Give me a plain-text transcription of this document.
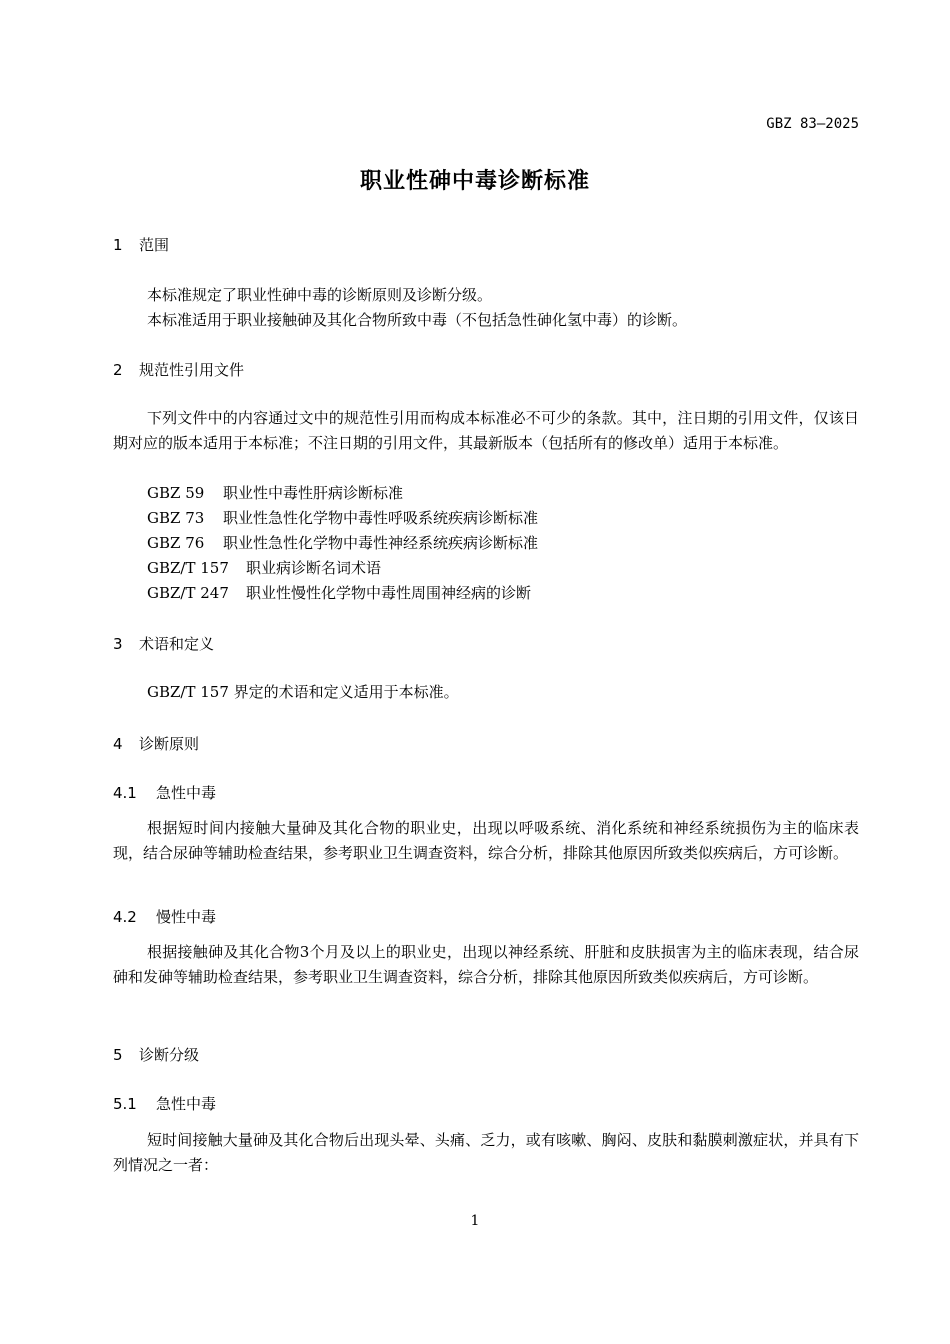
GBZ 83—2025
职业性砷中毒诊断标准
1 范围

本标准规定了职业性砷中毒的诊断原则及诊断分级。

本标准适用于职业接触砷及其化合物所致中毒（不包括急性砷化氢中毒）的诊断。

2 规范性引用文件

下列文件中的内容通过文中的规范性引用而构成本标准必不可少的条款。其中，注日期的引用文件，仅该日期对应的版本适用于本标准；不注日期的引用文件，其最新版本（包括所有的修改单）适用于本标准。

GBZ 59 职业性中毒性肝病诊断标准
GBZ 73 职业性急性化学物中毒性呼吸系统疾病诊断标准
GBZ 76 职业性急性化学物中毒性神经系统疾病诊断标准
GBZ/T 157 职业病诊断名词术语
GBZ/T 247 职业性慢性化学物中毒性周围神经病的诊断
3 术语和定义

GBZ/T 157 界定的术语和定义适用于本标准。

4 诊断原则
4.1 急性中毒

根据短时间内接触大量砷及其化合物的职业史，出现以呼吸系统、消化系统和神经系统损伤为主的临床表现，结合尿砷等辅助检查结果，参考职业卫生调查资料，综合分析，排除其他原因所致类似疾病后，方可诊断。

4.2 慢性中毒

根据接触砷及其化合物3个月及以上的职业史，出现以神经系统、肝脏和皮肤损害为主的临床表现，结合尿砷和发砷等辅助检查结果，参考职业卫生调查资料，综合分析，排除其他原因所致类似疾病后，方可诊断。

5 诊断分级
5.1 急性中毒

短时间接触大量砷及其化合物后出现头晕、头痛、乏力，或有咳嗽、胸闷、皮肤和黏膜刺激症状，并具有下列情况之一者：

1
